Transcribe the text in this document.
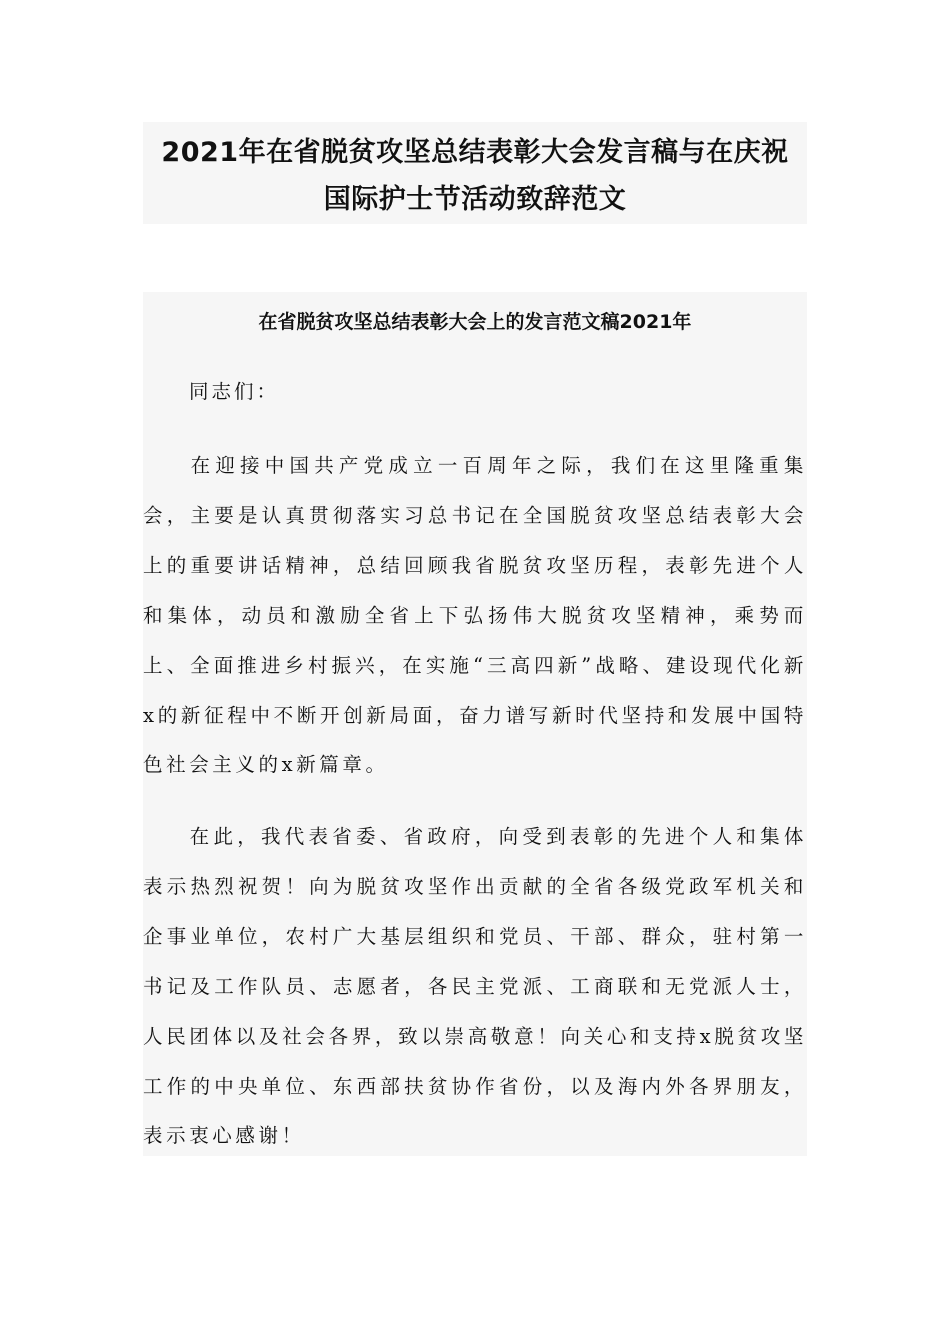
2021年在省脱贫攻坚总结表彰大会发言稿与在庆祝
国际护士节活动致辞范文
在省脱贫攻坚总结表彰大会上的发言范文稿2021年
同志们：

在迎接中国共产党成立一百周年之际，我们在这里隆重集会，主要是认真贯彻落实习总书记在全国脱贫攻坚总结表彰大会上的重要讲话精神，总结回顾我省脱贫攻坚历程，表彰先进个人和集体，动员和激励全省上下弘扬伟大脱贫攻坚精神，乘势而上、全面推进乡村振兴，在实施“三高四新”战略、建设现代化新x的新征程中不断开创新局面，奋力谱写新时代坚持和发展中国特色社会主义的x新篇章。

在此，我代表省委、省政府，向受到表彰的先进个人和集体表示热烈祝贺！向为脱贫攻坚作出贡献的全省各级党政军机关和企事业单位，农村广大基层组织和党员、干部、群众，驻村第一书记及工作队员、志愿者，各民主党派、工商联和无党派人士，人民团体以及社会各界，致以崇高敬意！向关心和支持x脱贫攻坚工作的中央单位、东西部扶贫协作省份，以及海内外各界朋友，表示衷心感谢！
